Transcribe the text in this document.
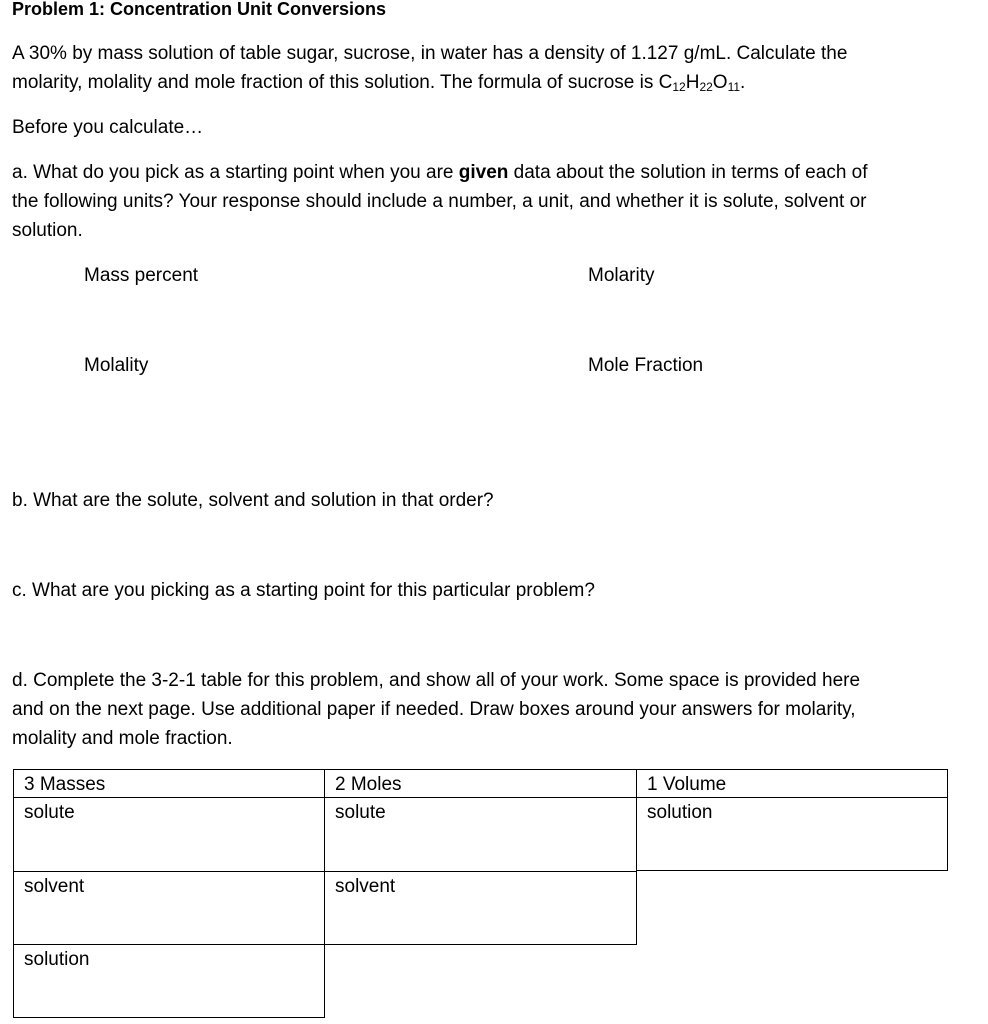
Problem 1: Concentration Unit Conversions
A 30% by mass solution of table sugar, sucrose, in water has a density of 1.127 g/mL. Calculate the
molarity, molality and mole fraction of this solution. The formula of sucrose is $C_{12}H_{22}O_{11}$.
Before you calculate…
a. What do you pick as a starting point when you are given data about the solution in terms of each of
the following units? Your response should include a number, a unit, and whether it is solute, solvent or
solution.
Mass percent	Molarity
Molality	Mole Fraction
b. What are the solute, solvent and solution in that order?
c. What are you picking as a starting point for this particular problem?
d. Complete the 3-2-1 table for this problem, and show all of your work. Some space is provided here
and on the next page. Use additional paper if needed. Draw boxes around your answers for molarity,
molality and mole fraction.
3 Masses
solute
solvent
solution
2 Moles
solute
solvent
1 Volume
solution
